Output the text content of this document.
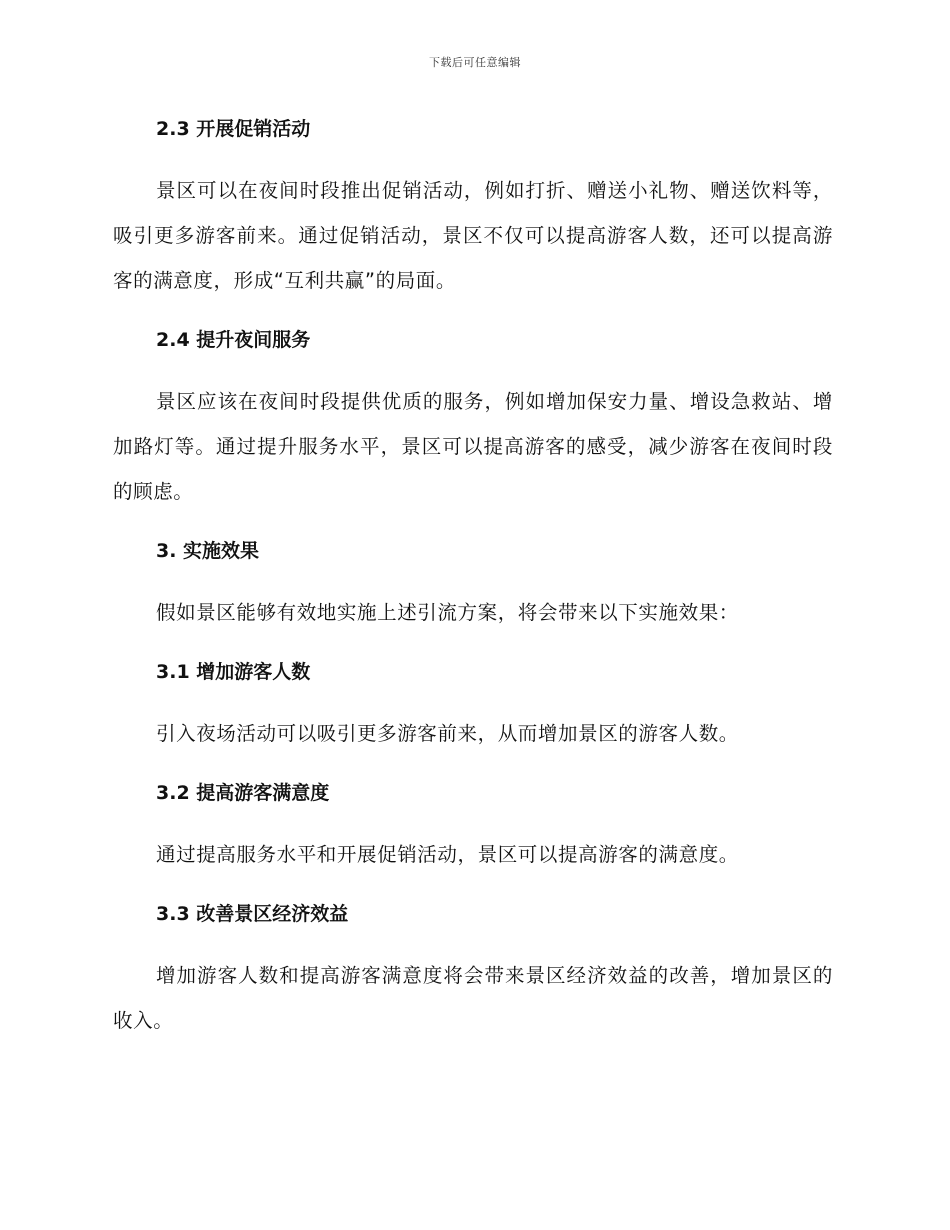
下载后可任意编辑
2.3 开展促销活动

景区可以在夜间时段推出促销活动，例如打折、赠送小礼物、赠送饮料等，吸引更多游客前来。通过促销活动，景区不仅可以提高游客人数，还可以提高游客的满意度，形成“互利共赢”的局面。

2.4 提升夜间服务

景区应该在夜间时段提供优质的服务，例如增加保安力量、增设急救站、增加路灯等。通过提升服务水平，景区可以提高游客的感受，减少游客在夜间时段的顾虑。

3. 实施效果

假如景区能够有效地实施上述引流方案，将会带来以下实施效果：

3.1 增加游客人数

引入夜场活动可以吸引更多游客前来，从而增加景区的游客人数。

3.2 提高游客满意度

通过提高服务水平和开展促销活动，景区可以提高游客的满意度。

3.3 改善景区经济效益

增加游客人数和提高游客满意度将会带来景区经济效益的改善，增加景区的收入。
